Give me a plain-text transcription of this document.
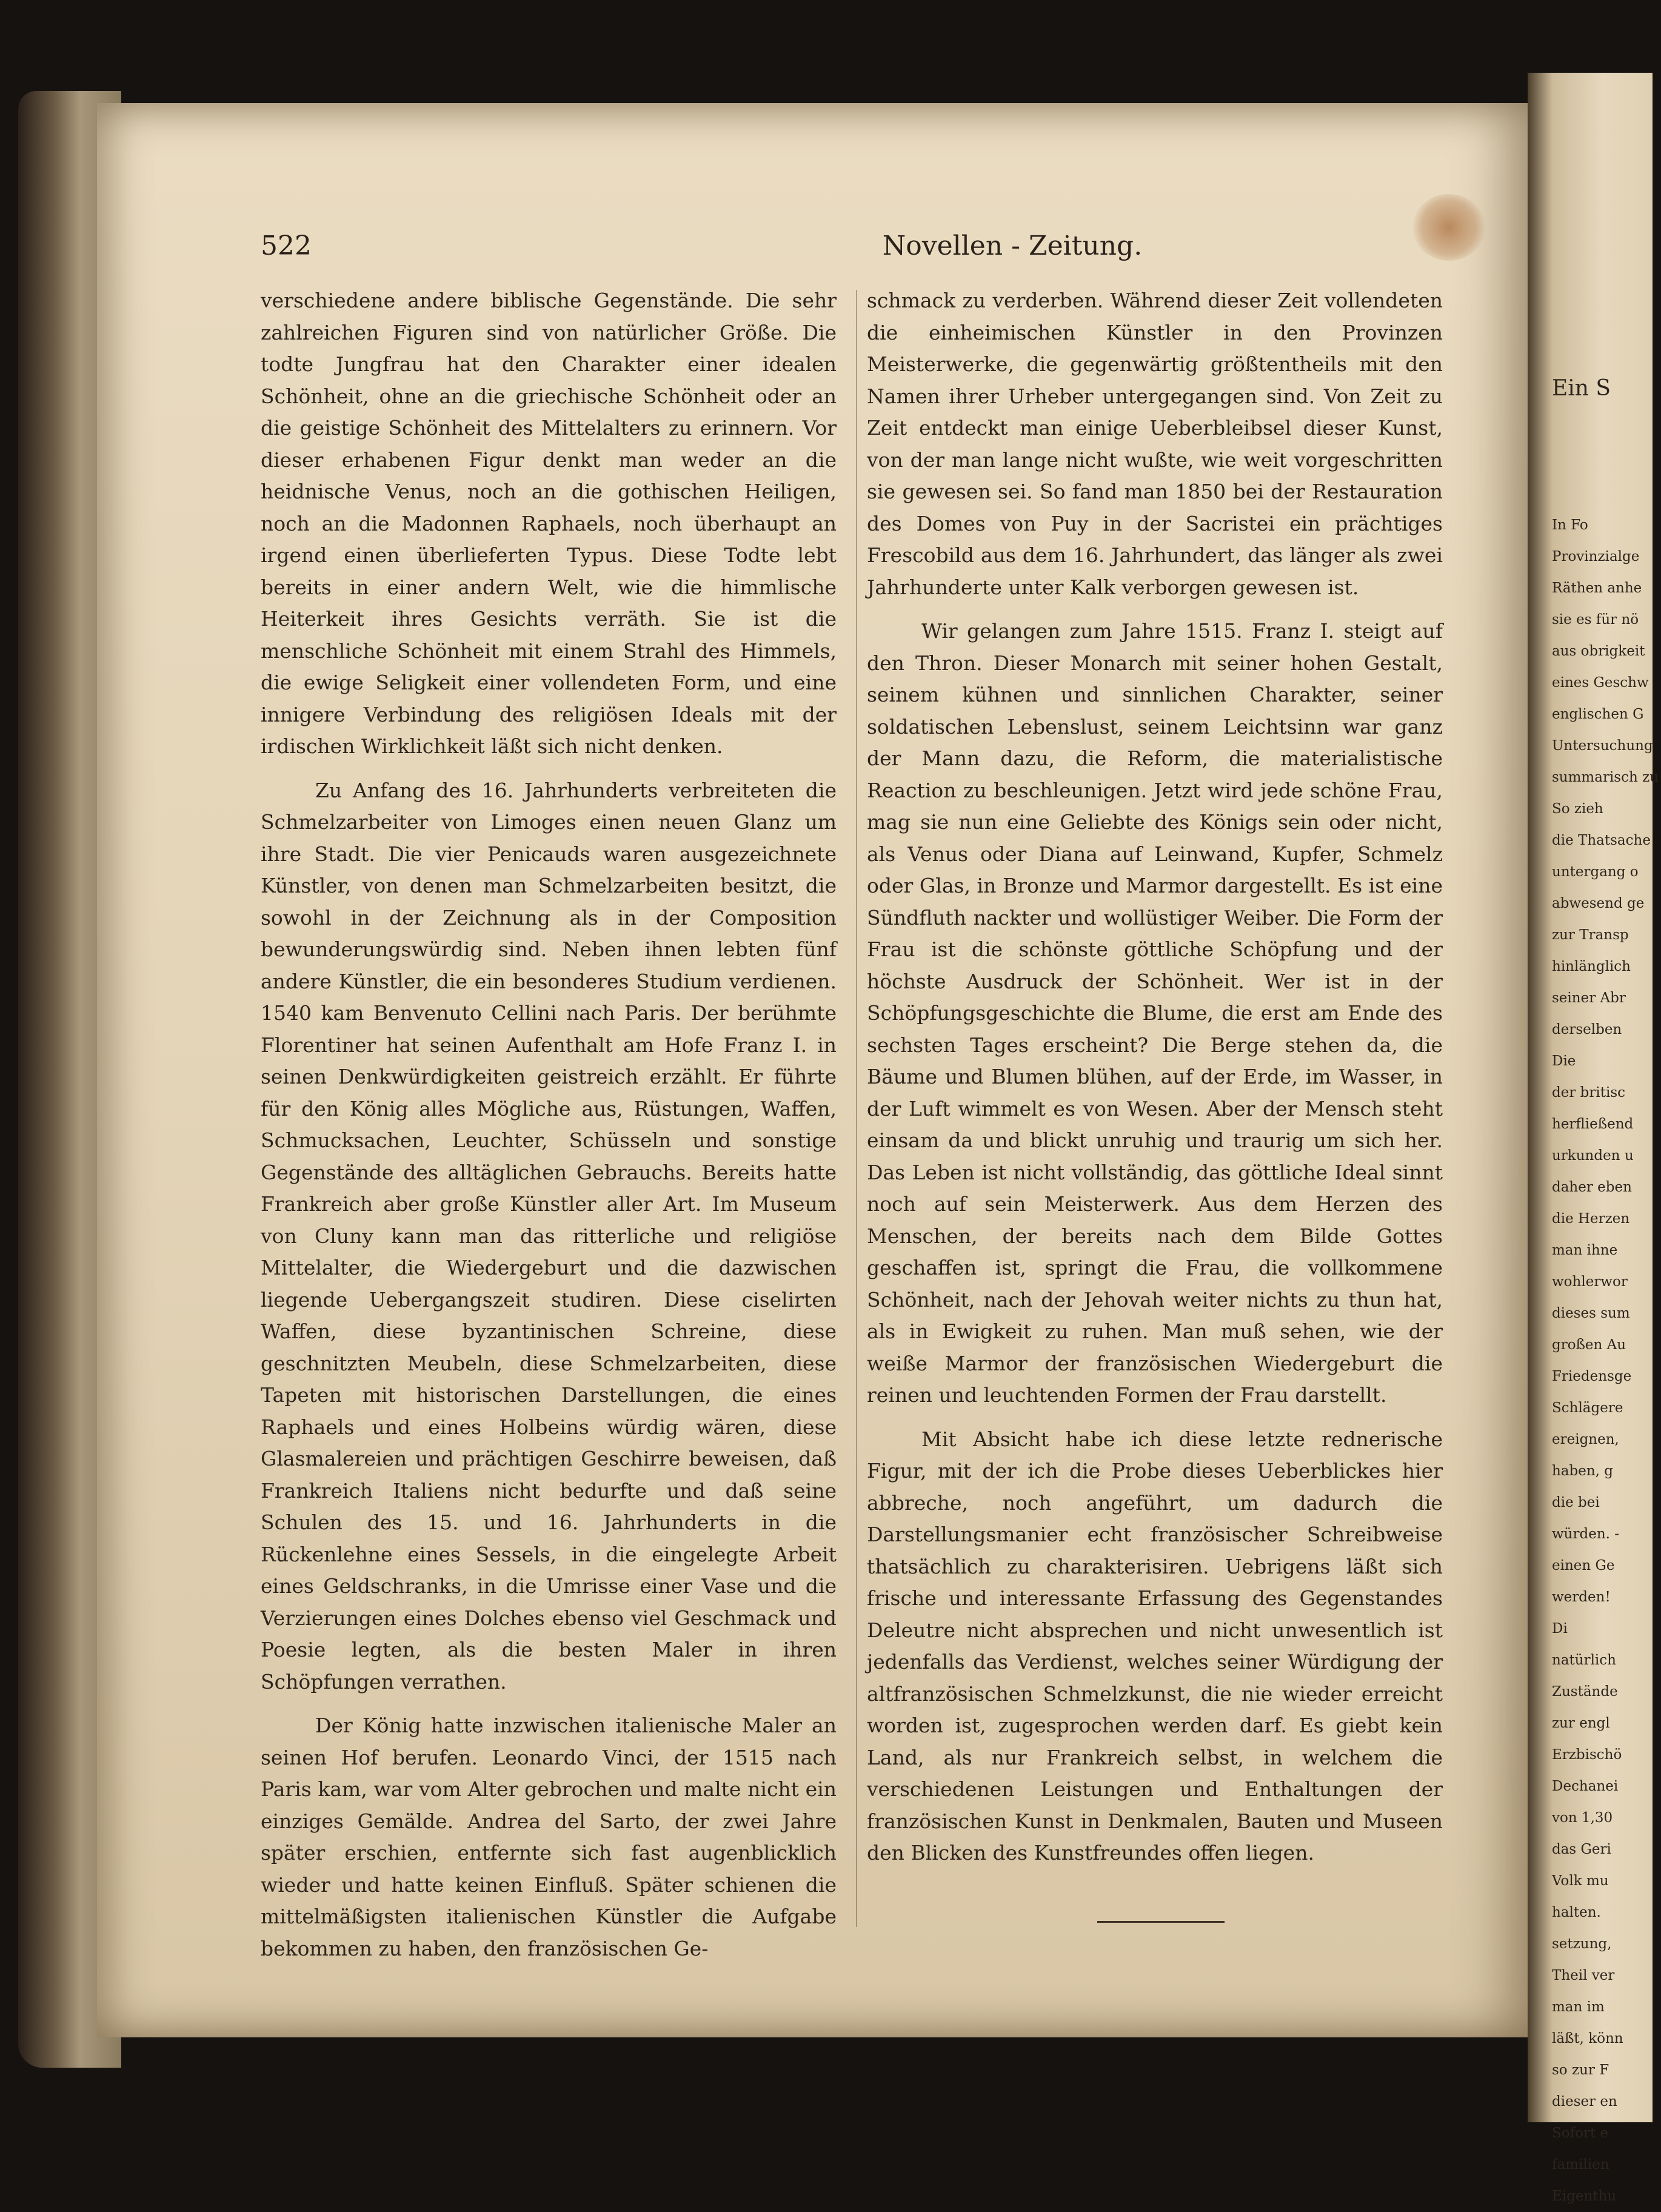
522	Novellen - Zeitung.

verschiedene andere biblische Gegenstände. Die sehr zahlreichen Figuren sind von natürlicher Größe. Die todte Jungfrau hat den Charakter einer idealen Schönheit, ohne an die griechische Schönheit oder an die geistige Schönheit des Mittelalters zu erinnern. Vor dieser erhabenen Figur denkt man weder an die heidnische Venus, noch an die gothischen Heiligen, noch an die Madonnen Raphaels, noch überhaupt an irgend einen überlieferten Typus. Diese Todte lebt bereits in einer andern Welt, wie die himmlische Heiterkeit ihres Gesichts verräth. Sie ist die menschliche Schönheit mit einem Strahl des Himmels, die ewige Seligkeit einer vollendeten Form, und eine innigere Verbindung des religiösen Ideals mit der irdischen Wirklichkeit läßt sich nicht denken.

Zu Anfang des 16. Jahrhunderts verbreiteten die Schmelzarbeiter von Limoges einen neuen Glanz um ihre Stadt. Die vier Penicauds waren ausgezeichnete Künstler, von denen man Schmelzarbeiten besitzt, die sowohl in der Zeichnung als in der Composition bewunderungswürdig sind. Neben ihnen lebten fünf andere Künstler, die ein besonderes Studium verdienen. 1540 kam Benvenuto Cellini nach Paris. Der berühmte Florentiner hat seinen Aufenthalt am Hofe Franz I. in seinen Denkwürdigkeiten geistreich erzählt. Er führte für den König alles Mögliche aus, Rüstungen, Waffen, Schmucksachen, Leuchter, Schüsseln und sonstige Gegenstände des alltäglichen Gebrauchs. Bereits hatte Frankreich aber große Künstler aller Art. Im Museum von Cluny kann man das ritterliche und religiöse Mittelalter, die Wiedergeburt und die dazwischen liegende Uebergangszeit studiren. Diese ciselirten Waffen, diese byzantinischen Schreine, diese geschnitzten Meubeln, diese Schmelzarbeiten, diese Tapeten mit historischen Darstellungen, die eines Raphaels und eines Holbeins würdig wären, diese Glasmalereien und prächtigen Geschirre beweisen, daß Frankreich Italiens nicht bedurfte und daß seine Schulen des 15. und 16. Jahrhunderts in die Rückenlehne eines Sessels, in die eingelegte Arbeit eines Geldschranks, in die Umrisse einer Vase und die Verzierungen eines Dolches ebenso viel Geschmack und Poesie legten, als die besten Maler in ihren Schöpfungen verrathen.

Der König hatte inzwischen italienische Maler an seinen Hof berufen. Leonardo Vinci, der 1515 nach Paris kam, war vom Alter gebrochen und malte nicht ein einziges Gemälde. Andrea del Sarto, der zwei Jahre später erschien, entfernte sich fast augenblicklich wieder und hatte keinen Einfluß. Später schienen die mittelmäßigsten italienischen Künstler die Aufgabe bekommen zu haben, den französischen Ge-

schmack zu verderben. Während dieser Zeit vollendeten die einheimischen Künstler in den Provinzen Meisterwerke, die gegenwärtig größtentheils mit den Namen ihrer Urheber untergegangen sind. Von Zeit zu Zeit entdeckt man einige Ueberbleibsel dieser Kunst, von der man lange nicht wußte, wie weit vorgeschritten sie gewesen sei. So fand man 1850 bei der Restauration des Domes von Puy in der Sacristei ein prächtiges Frescobild aus dem 16. Jahrhundert, das länger als zwei Jahrhunderte unter Kalk verborgen gewesen ist.

Wir gelangen zum Jahre 1515. Franz I. steigt auf den Thron. Dieser Monarch mit seiner hohen Gestalt, seinem kühnen und sinnlichen Charakter, seiner soldatischen Lebenslust, seinem Leichtsinn war ganz der Mann dazu, die Reform, die materialistische Reaction zu beschleunigen. Jetzt wird jede schöne Frau, mag sie nun eine Geliebte des Königs sein oder nicht, als Venus oder Diana auf Leinwand, Kupfer, Schmelz oder Glas, in Bronze und Marmor dargestellt. Es ist eine Sündfluth nackter und wollüstiger Weiber. Die Form der Frau ist die schönste göttliche Schöpfung und der höchste Ausdruck der Schönheit. Wer ist in der Schöpfungsgeschichte die Blume, die erst am Ende des sechsten Tages erscheint? Die Berge stehen da, die Bäume und Blumen blühen, auf der Erde, im Wasser, in der Luft wimmelt es von Wesen. Aber der Mensch steht einsam da und blickt unruhig und traurig um sich her. Das Leben ist nicht vollständig, das göttliche Ideal sinnt noch auf sein Meisterwerk. Aus dem Herzen des Menschen, der bereits nach dem Bilde Gottes geschaffen ist, springt die Frau, die vollkommene Schönheit, nach der Jehovah weiter nichts zu thun hat, als in Ewigkeit zu ruhen. Man muß sehen, wie der weiße Marmor der französischen Wiedergeburt die reinen und leuchtenden Formen der Frau darstellt.

Mit Absicht habe ich diese letzte rednerische Figur, mit der ich die Probe dieses Ueberblickes hier abbreche, noch angeführt, um dadurch die Darstellungsmanier echt französischer Schreibweise thatsächlich zu charakterisiren. Uebrigens läßt sich frische und interessante Erfassung des Gegenstandes Deleutre nicht absprechen und nicht unwesentlich ist jedenfalls das Verdienst, welches seiner Würdigung der altfranzösischen Schmelzkunst, die nie wieder erreicht worden ist, zugesprochen werden darf. Es giebt kein Land, als nur Frankreich selbst, in welchem die verschiedenen Leistungen und Enthaltungen der französischen Kunst in Denkmalen, Bauten und Museen den Blicken des Kunstfreundes offen liegen.

Ein S
In Fo
Provinzialge
Räthen anhe
sie es für nö
aus obrigkeit
eines Geschw
englischen G
Untersuchung
summarisch zu
So zieh
die Thatsache
untergang o
abwesend ge
zur Transp
hinlänglich
seiner Abr
derselben
Die
der britisc
herfließend
urkunden u
daher eben
die Herzen
man ihne
wohlerwor
dieses sum
großen Au
Friedensge
Schlägere
ereignen,
haben, g
die bei
würden. -
einen Ge
werden!
Di
natürlich
Zustände
zur engl
Erzbischö
Dechanei
von 1,30
das Geri
Volk mu
halten.
setzung,
Theil ver
man im
läßt, könn
so zur F
dieser en
Sofort e
familien
Eigenthu
